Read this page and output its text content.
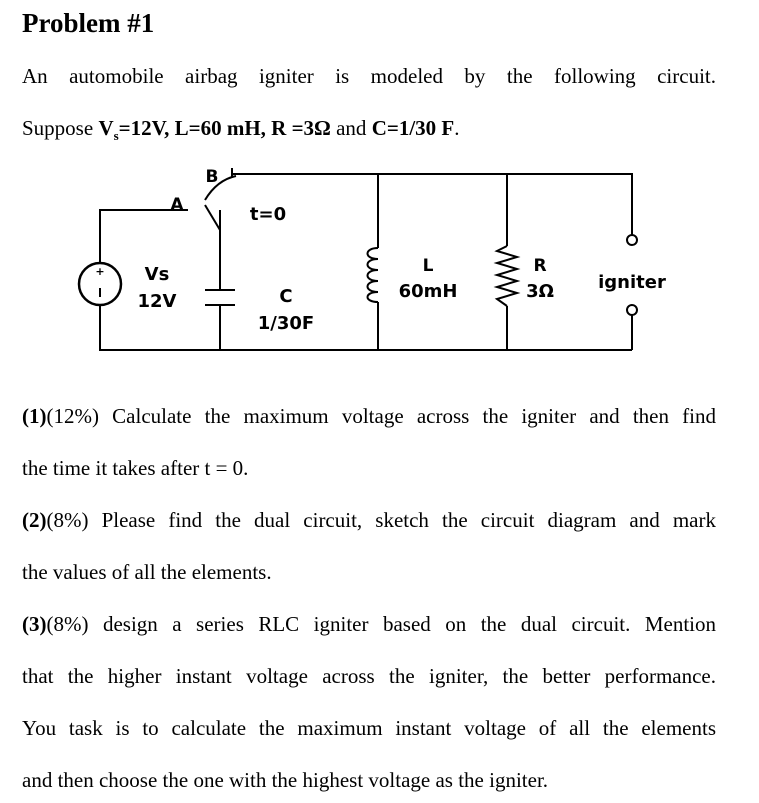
Problem #1
An automobile airbag igniter is modeled by the following circuit.
Suppose $V_s=12V$, L=60 mH, R =3Ω and C=1/30 F.
+
A
B
t=0
Vs
12V	C
1/30F
L
60mH
R
3Ω igniter
(1)(12%) Calculate the maximum voltage across the igniter and then find
the time it takes after t = 0.
(2)(8%) Please find the dual circuit, sketch the circuit diagram and mark
the values of all the elements.
(3)(8%) design a series RLC igniter based on the dual circuit. Mention
that the higher instant voltage across the igniter, the better performance.
You task is to calculate the maximum instant voltage of all the elements
and then choose the one with the highest voltage as the igniter.
